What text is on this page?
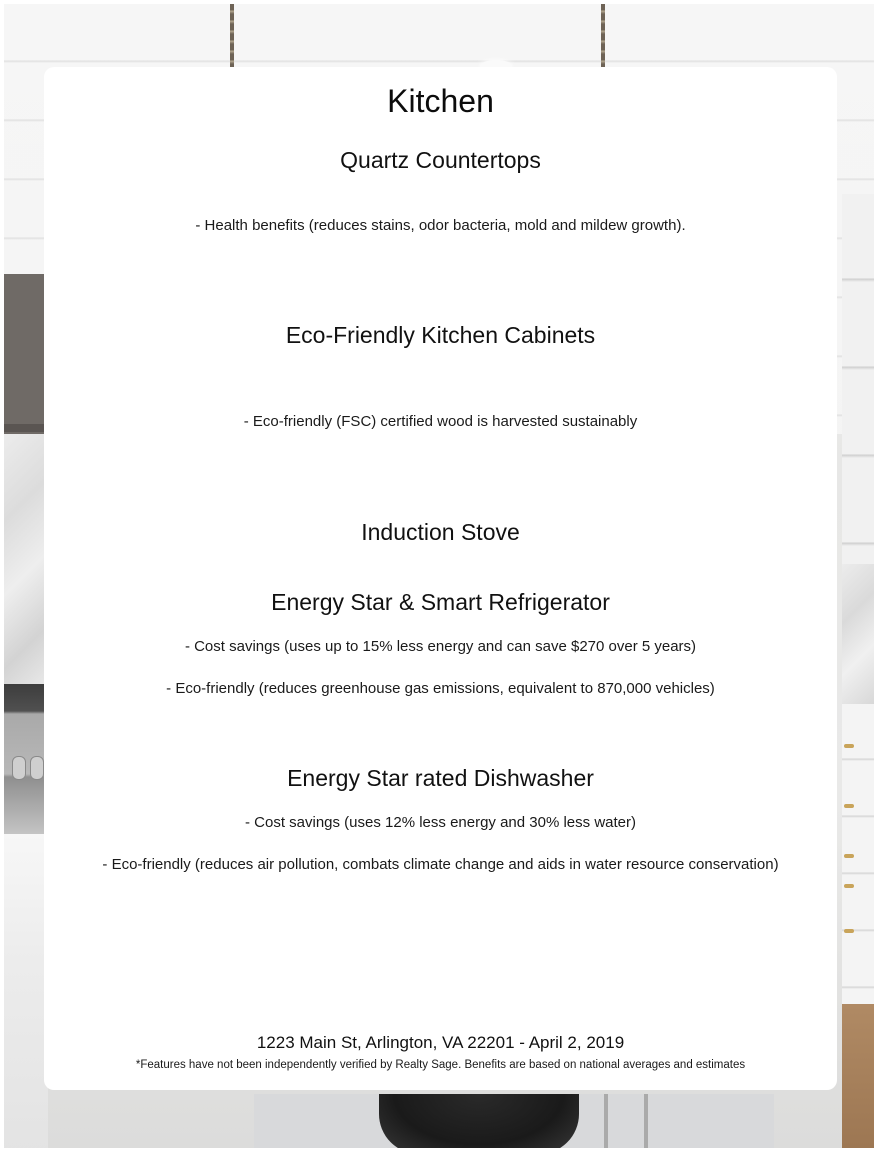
Kitchen
Quartz Countertops

- Health benefits (reduces stains, odor bacteria, mold and mildew growth).

Eco-Friendly Kitchen Cabinets

- Eco-friendly (FSC) certified wood is harvested sustainably

Induction Stove
Energy Star & Smart Refrigerator

- Cost savings (uses up to 15% less energy and can save $270 over 5 years)

- Eco-friendly (reduces greenhouse gas emissions, equivalent to 870,000 vehicles)

Energy Star rated Dishwasher

- Cost savings (uses 12% less energy and 30% less water)

- Eco-friendly (reduces air pollution, combats climate change and aids in water resource conservation)

1223 Main St, Arlington, VA 22201 - April 2, 2019

*Features have not been independently verified by Realty Sage. Benefits are based on national averages and estimates
